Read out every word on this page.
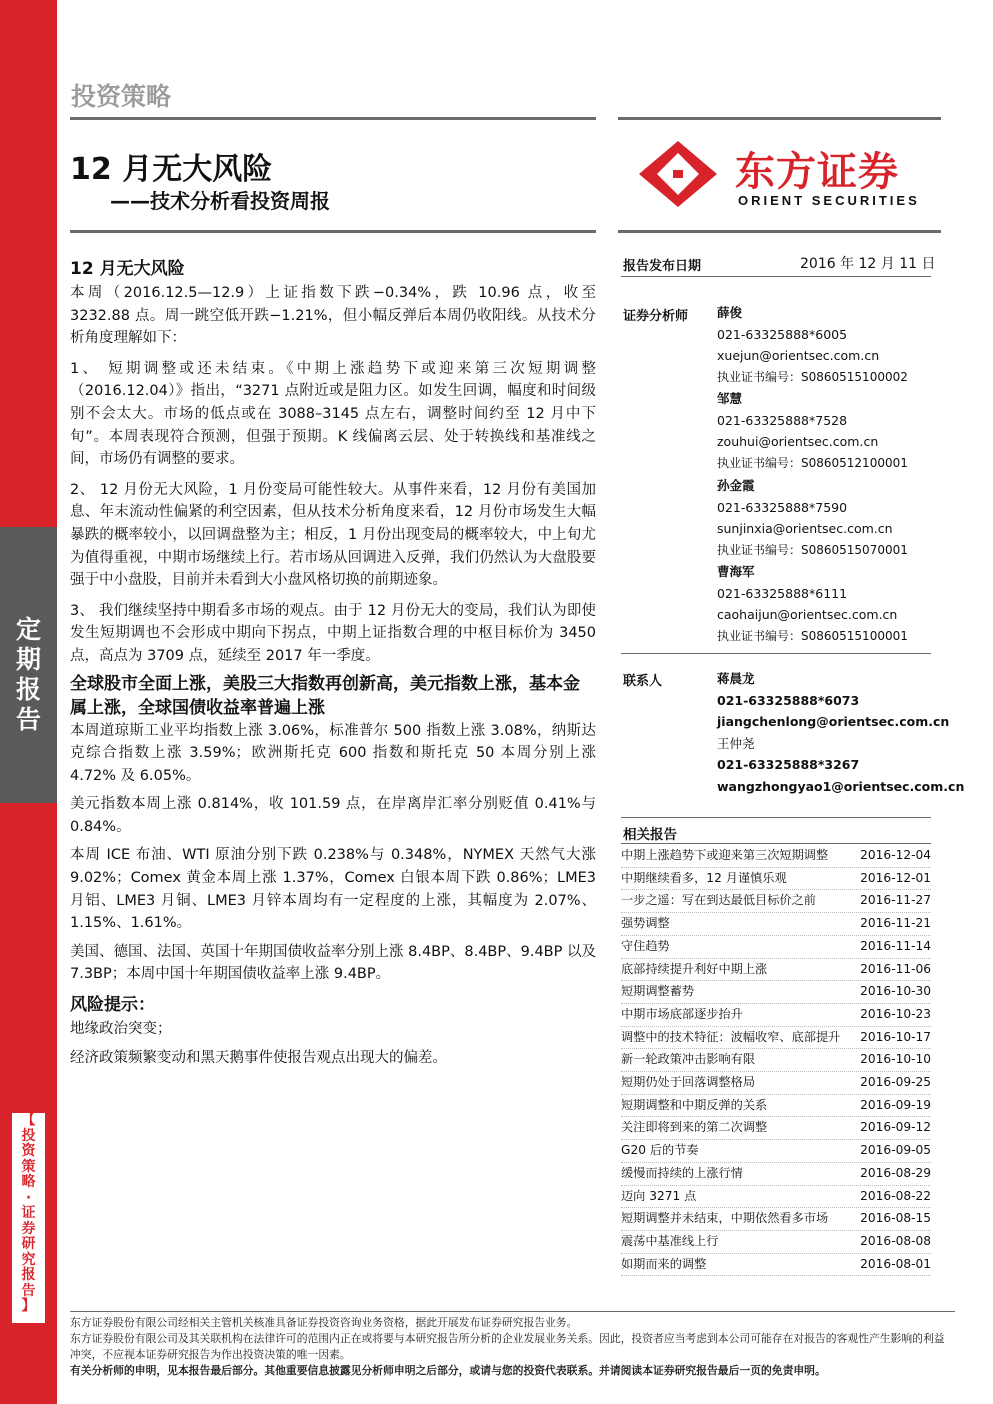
定
期
报
告
【
投
资
策
略
·
证
券
研
究
报
告
】
投资策略
12 月无大风险
——技术分析看投资周报
东方证券
ORIENT SECURITIES
12 月无大风险

本周（2016.12.5—12.9）上证指数下跌−0.34%，跌 10.96 点，收至 3232.88 点。周一跳空低开跌−1.21%，但小幅反弹后本周仍收阳线。从技术分析角度理解如下：

1、 短期调整或还未结束。《中期上涨趋势下或迎来第三次短期调整（2016.12.04）》指出，“3271 点附近或是阻力区。如发生回调，幅度和时间级别不会太大。市场的低点或在 3088–3145 点左右，调整时间约至 12 月中下旬”。本周表现符合预测，但强于预期。K 线偏离云层、处于转换线和基准线之间，市场仍有调整的要求。

2、 12 月份无大风险，1 月份变局可能性较大。从事件来看，12 月份有美国加息、年末流动性偏紧的利空因素，但从技术分析角度来看，12 月份市场发生大幅暴跌的概率较小，以回调盘整为主；相反，1 月份出现变局的概率较大，中上旬尤为值得重视，中期市场继续上行。若市场从回调进入反弹，我们仍然认为大盘股要强于中小盘股，目前并未看到大小盘风格切换的前期迹象。

3、 我们继续坚持中期看多市场的观点。由于 12 月份无大的变局，我们认为即使发生短期调也不会形成中期向下拐点，中期上证指数合理的中枢目标价为 3450 点，高点为 3709 点，延续至 2017 年一季度。

全球股市全面上涨，美股三大指数再创新高，美元指数上涨，基本金属上涨，全球国债收益率普遍上涨

本周道琼斯工业平均指数上涨 3.06%，标准普尔 500 指数上涨 3.08%，纳斯达克综合指数上涨 3.59%；欧洲斯托克 600 指数和斯托克 50 本周分别上涨 4.72% 及 6.05%。

美元指数本周上涨 0.814%，收 101.59 点，在岸离岸汇率分别贬值 0.41%与 0.84%。

本周 ICE 布油、WTI 原油分别下跌 0.238%与 0.348%，NYMEX 天然气大涨 9.02%；Comex 黄金本周上涨 1.37%，Comex 白银本周下跌 0.86%；LME3 月铝、LME3 月铜、LME3 月锌本周均有一定程度的上涨，其幅度为 2.07%、1.15%、1.61%。

美国、德国、法国、英国十年期国债收益率分别上涨 8.4BP、8.4BP、9.4BP 以及 7.3BP；本周中国十年期国债收益率上涨 9.4BP。

风险提示：

地缘政治突变；

经济政策频繁变动和黑天鹅事件使报告观点出现大的偏差。

报告发布日期	2016 年 12 月 11 日
证券分析师 薛俊
021-63325888*6005
xuejun@orientsec.com.cn
执业证书编号：S0860515100002
邹慧
021-63325888*7528
zouhui@orientsec.com.cn
执业证书编号：S0860512100001
孙金霞
021-63325888*7590
sunjinxia@orientsec.com.cn
执业证书编号：S0860515070001
曹海军
021-63325888*6111
caohaijun@orientsec.com.cn
执业证书编号：S0860515100001
联系人	蒋晨龙
021-63325888*6073
jiangchenlong@orientsec.com.cn
王仲尧
021-63325888*3267
wangzhongyao1@orientsec.com.cn
相关报告
中期上涨趋势下或迎来第三次短期调整	2016-12-04
中期继续看多，12 月谨慎乐观	2016-12-01
一步之遥：写在到达最低目标价之前	2016-11-27
强势调整	2016-11-21
守住趋势	2016-11-14
底部持续提升利好中期上涨	2016-11-06
短期调整蓄势	2016-10-30
中期市场底部逐步抬升	2016-10-23
调整中的技术特征：波幅收窄、底部提升	2016-10-17
新一轮政策冲击影响有限	2016-10-10
短期仍处于回落调整格局	2016-09-25
短期调整和中期反弹的关系	2016-09-19
关注即将到来的第二次调整	2016-09-12
G20 后的节奏	2016-09-05
缓慢而持续的上涨行情	2016-08-29
迈向 3271 点	2016-08-22
短期调整并未结束，中期依然看多市场	2016-08-15
震荡中基准线上行	2016-08-08
如期而来的调整	2016-08-01
东方证券股份有限公司经相关主管机关核准具备证券投资咨询业务资格，据此开展发布证券研究报告业务。
东方证券股份有限公司及其关联机构在法律许可的范围内正在或将要与本研究报告所分析的企业发展业务关系。因此，投资者应当考虑到本公司可能存在对报告的客观性产生影响的利益冲突，不应视本证券研究报告为作出投资决策的唯一因素。
有关分析师的申明，见本报告最后部分。其他重要信息披露见分析师申明之后部分，或请与您的投资代表联系。并请阅读本证券研究报告最后一页的免责申明。
